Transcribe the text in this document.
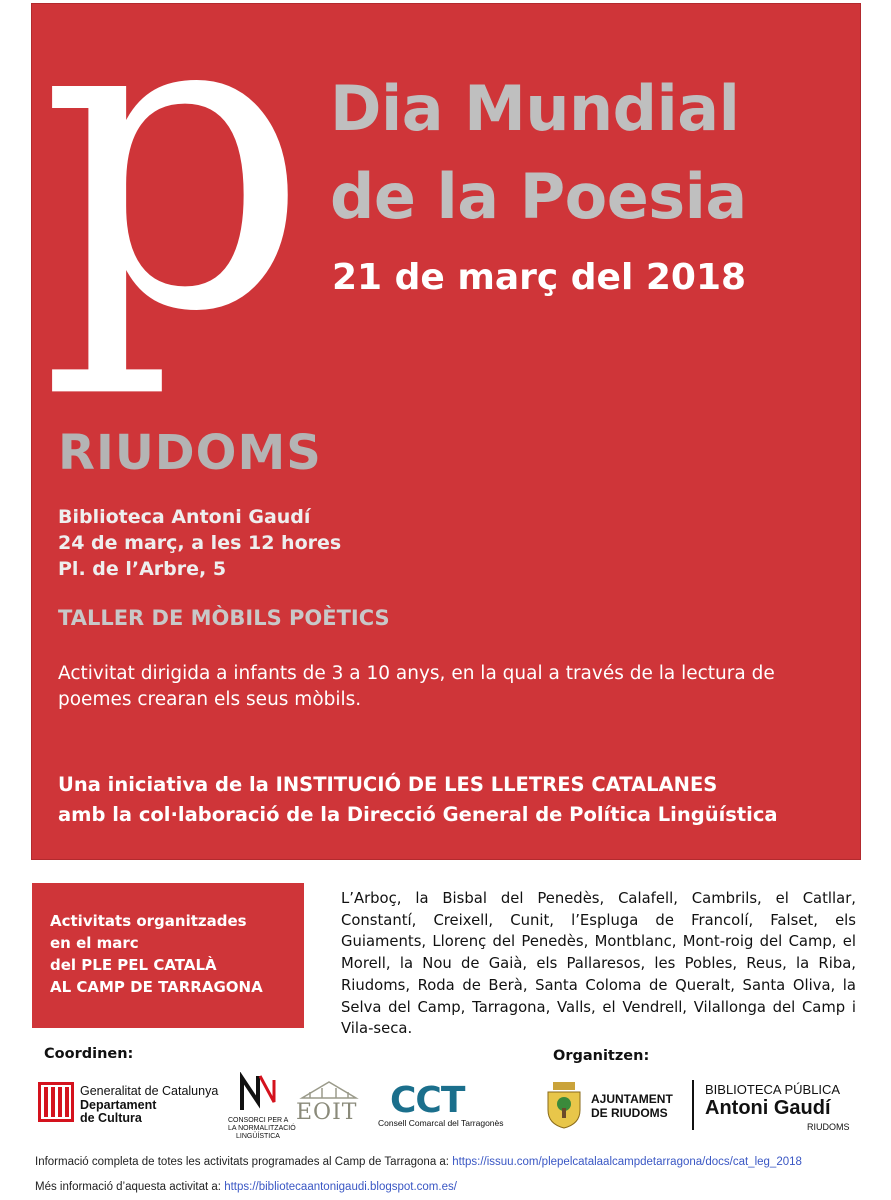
p Dia Mundial
de la Poesia
21 de març del 2018
RIUDOMS
Biblioteca Antoni Gaudí
24 de març, a les 12 hores
Pl. de l’Arbre, 5
TALLER DE MÒBILS POÈTICS
Activitat dirigida a infants de 3 a 10 anys, en la qual a través de la lectura de
poemes crearan els seus mòbils.
Una iniciativa de la INSTITUCIÓ DE LES LLETRES CATALANES
amb la col·laboració de la Direcció General de Política Lingüística
Activitats organitzades
en el marc
del PLE PEL CATALÀ
AL CAMP DE TARRAGONA
L’Arboç, la Bisbal del Penedès, Calafell, Cambrils, el Catllar, Constantí, Creixell, Cunit, l’Espluga de Francolí, Falset, els Guiaments, Llorenç del Penedès, Montblanc, Mont-roig del Camp, el Morell, la Nou de Gaià, els Pallaresos, les Pobles, Reus, la Riba, Riudoms, Roda de Berà, Santa Coloma de Queralt, Santa Oliva, la Selva del Camp, Tarragona, Valls, el Vendrell, Vilallonga del Camp i Vila-seca.
Coordinen:
Generalitat de Catalunya
Departament
de Cultura	CONSORCI PER A
LA NORMALITZACIÓ
LINGÜÍSTICA
EOIT CCT
Consell Comarcal del Tarragonès
Organitzen:
AJUNTAMENT
DE RIUDOMS
BIBLIOTECA PÚBLICA
Antoni Gaudí
RIUDOMS
Informació completa de totes les activitats programades al Camp de Tarragona a: https://issuu.com/plepelcatalaalcampdetarragona/docs/cat_leg_2018
Més informació d’aquesta activitat a: https://bibliotecaantonigaudi.blogspot.com.es/
